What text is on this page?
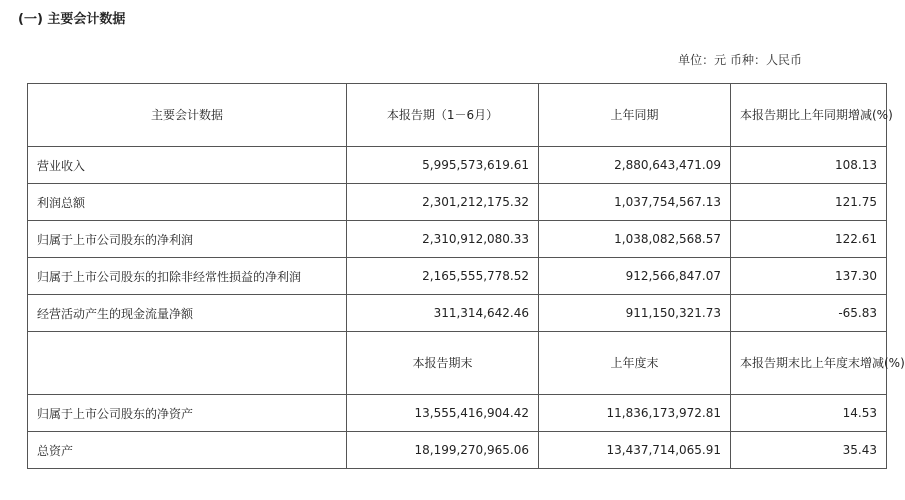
(一) 主要会计数据
单位：元 币种：人民币
主要会计数据	本报告期（1－6月）	上年同期	本报告期比上年同期增减(%)
营业收入	5,995,573,619.61	2,880,643,471.09	108.13
利润总额	2,301,212,175.32	1,037,754,567.13	121.75
归属于上市公司股东的净利润	2,310,912,080.33	1,038,082,568.57	122.61
归属于上市公司股东的扣除非经常性损益的净利润	2,165,555,778.52	912,566,847.07	137.30
经营活动产生的现金流量净额	311,314,642.46	911,150,321.73	-65.83
	本报告期末	上年度末	本报告期末比上年度末增减(%)
归属于上市公司股东的净资产	13,555,416,904.42	11,836,173,972.81	14.53
总资产	18,199,270,965.06	13,437,714,065.91	35.43
